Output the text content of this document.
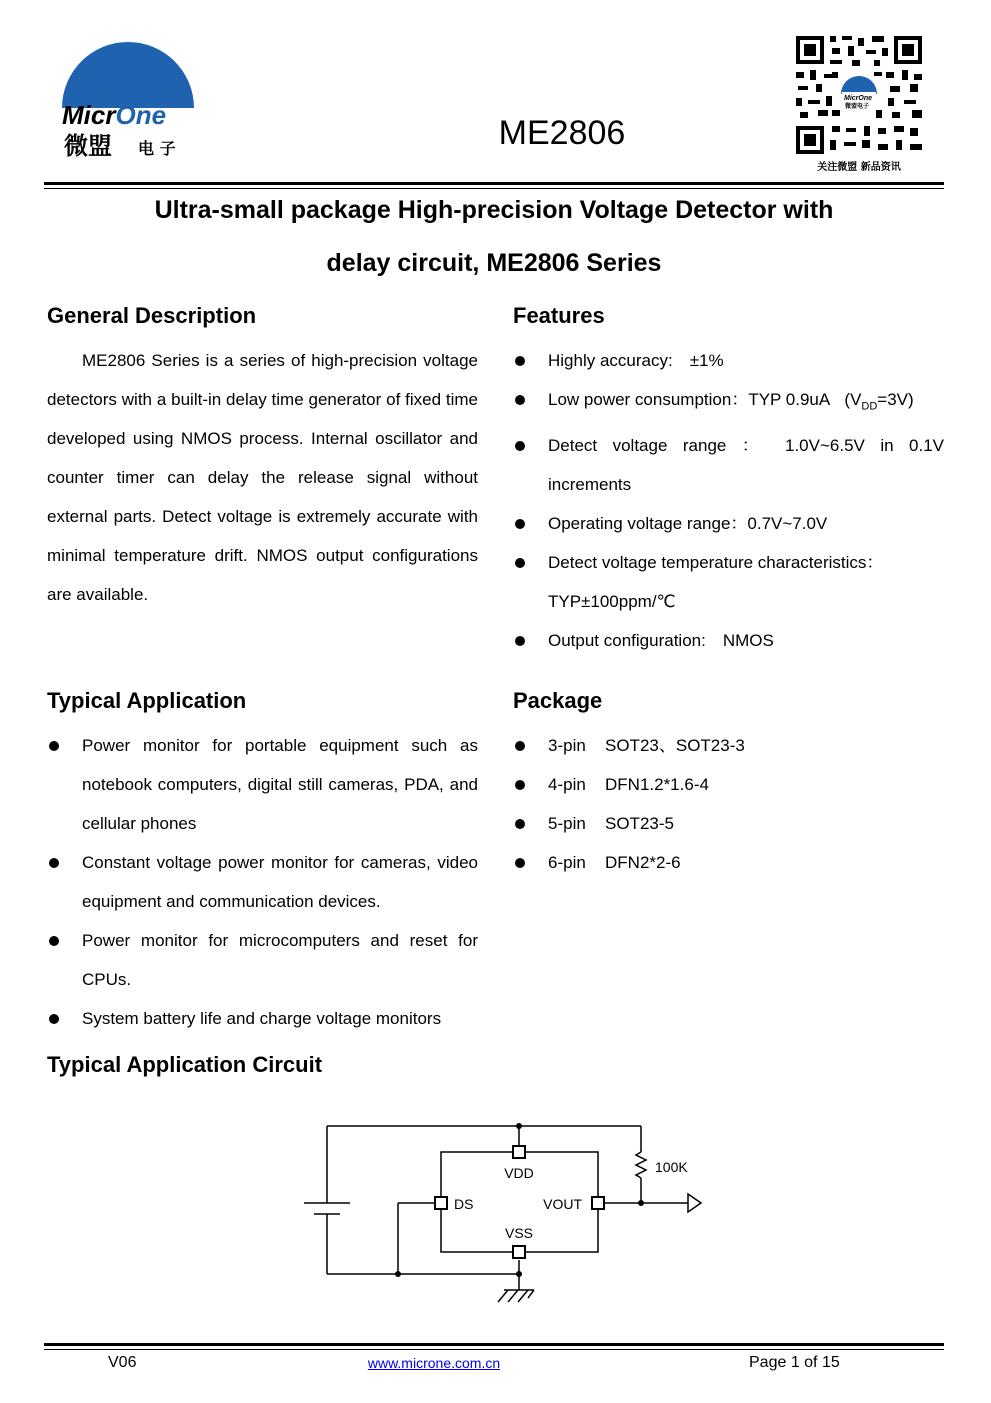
MicrOne
微盟 电 子	ME2806
MicrOne
微盟电子
关注微盟 新品资讯
Ultra-small package High-precision Voltage Detector with
delay circuit, ME2806 Series
General Description
ME2806 Series is a series of high-precision voltage detectors with a built-in delay time generator of fixed time developed using NMOS process. Internal oscillator and counter timer can delay the release signal without external parts. Detect voltage is extremely accurate with minimal temperature drift. NMOS output configurations are available.
Features
Highly accuracy:　±1%
Low power consumption：TYP 0.9uA $(V_{DD}=3V)$
Detect voltage range ： 1.0V~6.5V in 0.1V increments
Operating voltage range：0.7V~7.0V
Detect voltage temperature characteristics：
TYP±100ppm/℃
Output configuration:　NMOS
Typical Application
Power monitor for portable equipment such as notebook computers, digital still cameras, PDA, and cellular phones
Constant voltage power monitor for cameras, video equipment and communication devices.
Power monitor for microcomputers and reset for CPUs.
System battery life and charge voltage monitors
Package
3-pin SOT23、SOT23-3
4-pin DFN1.2*1.6-4
5-pin SOT23-5
6-pin DFN2*2-6
Typical Application Circuit
VDD
DS	VOUT
VSS
100K
V06	www.microne.com.cn	Page 1 of 15
